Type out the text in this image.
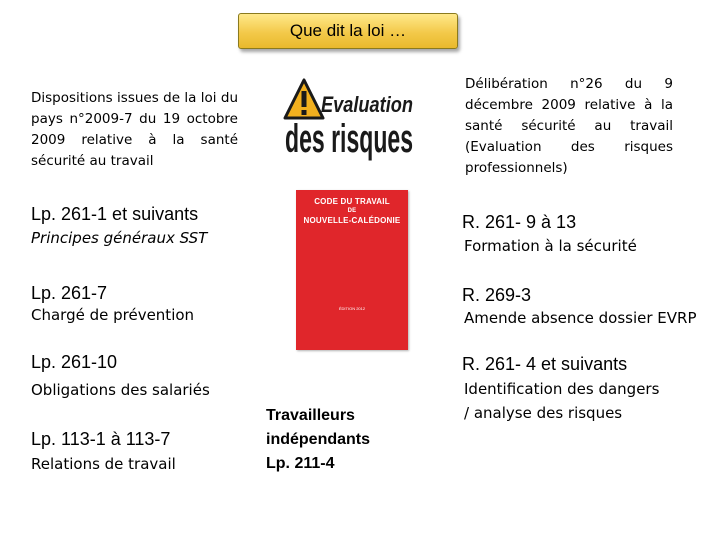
Que dit la loi …
Dispositions issues de la loi du pays n°2009-7 du 19 octobre 2009 relative à la santé sécurité au travail
Délibération n°26 du 9 décembre 2009 relative à la santé sécurité au travail (Evaluation des risques professionnels)
Evaluation
des risques
CODE DU TRAVAIL
DE
NOUVELLE-CALÉDONIE
ÉDITION 2012
Lp. 261-1 et suivants
Principes généraux SST
Lp. 261-7
Chargé de prévention
Lp. 261-10
Obligations des salariés
Lp. 113-1 à 113-7
Relations de travail
Travailleurs
indépendants
Lp. 211-4
R. 261- 9 à 13
Formation à la sécurité
R. 269-3
Amende absence dossier EVRP
R. 261- 4 et suivants
Identification des dangers
/ analyse des risques
